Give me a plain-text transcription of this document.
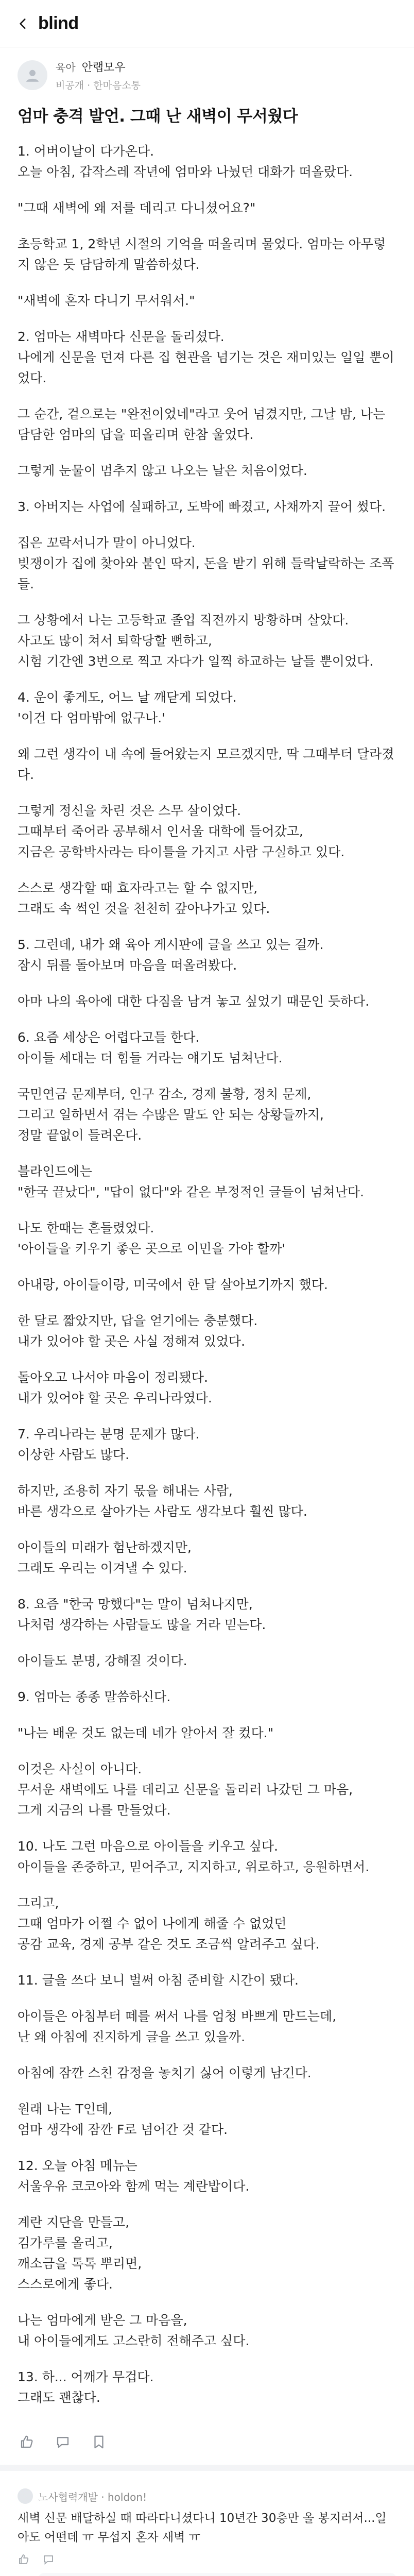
blind
육아 안랩모우
비공개 · 한마음소통
엄마 충격 발언. 그때 난 새벽이 무서웠다

1. 어버이날이 다가온다.
오늘 아침, 갑작스레 작년에 엄마와 나눴던 대화가 떠올랐다.

"그때 새벽에 왜 저를 데리고 다니셨어요?"

초등학교 1, 2학년 시절의 기억을 떠올리며 물었다. 엄마는 아무렇지 않은 듯 담담하게 말씀하셨다.

"새벽에 혼자 다니기 무서워서."

2. 엄마는 새벽마다 신문을 돌리셨다.
나에게 신문을 던져 다른 집 현관을 넘기는 것은 재미있는 일일 뿐이었다.

그 순간, 겉으로는 "완전이었네"라고 웃어 넘겼지만, 그날 밤, 나는 담담한 엄마의 답을 떠올리며 한참 울었다.

그렇게 눈물이 멈추지 않고 나오는 날은 처음이었다.

3. 아버지는 사업에 실패하고, 도박에 빠졌고, 사채까지 끌어 썼다.

집은 꼬락서니가 말이 아니었다.
빚쟁이가 집에 찾아와 붙인 딱지, 돈을 받기 위해 들락날락하는 조폭들.

그 상황에서 나는 고등학교 졸업 직전까지 방황하며 살았다.
사고도 많이 쳐서 퇴학당할 뻔하고,
시험 기간엔 3번으로 찍고 자다가 일찍 하교하는 날들 뿐이었다.

4. 운이 좋게도, 어느 날 깨닫게 되었다.
'이건 다 엄마밖에 없구나.'

왜 그런 생각이 내 속에 들어왔는지 모르겠지만, 딱 그때부터 달라졌다.

그렇게 정신을 차린 것은 스무 살이었다.
그때부터 죽어라 공부해서 인서울 대학에 들어갔고,
지금은 공학박사라는 타이틀을 가지고 사람 구실하고 있다.

스스로 생각할 때 효자라고는 할 수 없지만,
그래도 속 썩인 것을 천천히 갚아나가고 있다.

5. 그런데, 내가 왜 육아 게시판에 글을 쓰고 있는 걸까.
잠시 뒤를 돌아보며 마음을 떠올려봤다.

아마 나의 육아에 대한 다짐을 남겨 놓고 싶었기 때문인 듯하다.

6. 요즘 세상은 어렵다고들 한다.
아이들 세대는 더 힘들 거라는 얘기도 넘쳐난다.

국민연금 문제부터, 인구 감소, 경제 불황, 정치 문제,
그리고 일하면서 겪는 수많은 말도 안 되는 상황들까지,
정말 끝없이 들려온다.

블라인드에는
"한국 끝났다", "답이 없다"와 같은 부정적인 글들이 넘쳐난다.

나도 한때는 흔들렸었다.
'아이들을 키우기 좋은 곳으로 이민을 가야 할까'

아내랑, 아이들이랑, 미국에서 한 달 살아보기까지 했다.

한 달로 짧았지만, 답을 얻기에는 충분했다.
내가 있어야 할 곳은 사실 정해져 있었다.

돌아오고 나서야 마음이 정리됐다.
내가 있어야 할 곳은 우리나라였다.

7. 우리나라는 분명 문제가 많다.
이상한 사람도 많다.

하지만, 조용히 자기 몫을 해내는 사람,
바른 생각으로 살아가는 사람도 생각보다 훨씬 많다.

아이들의 미래가 험난하겠지만,
그래도 우리는 이겨낼 수 있다.

8. 요즘 "한국 망했다"는 말이 넘쳐나지만,
나처럼 생각하는 사람들도 많을 거라 믿는다.

아이들도 분명, 강해질 것이다.

9. 엄마는 종종 말씀하신다.

"나는 배운 것도 없는데 네가 알아서 잘 컸다."

이것은 사실이 아니다.
무서운 새벽에도 나를 데리고 신문을 돌리러 나갔던 그 마음,
그게 지금의 나를 만들었다.

10. 나도 그런 마음으로 아이들을 키우고 싶다.
아이들을 존중하고, 믿어주고, 지지하고, 위로하고, 응원하면서.

그리고,
그때 엄마가 어쩔 수 없어 나에게 해줄 수 없었던
공감 교육, 경제 공부 같은 것도 조금씩 알려주고 싶다.

11. 글을 쓰다 보니 벌써 아침 준비할 시간이 됐다.

아이들은 아침부터 떼를 써서 나를 엄청 바쁘게 만드는데,
난 왜 아침에 진지하게 글을 쓰고 있을까.

아침에 잠깐 스친 감정을 놓치기 싫어 이렇게 남긴다.

원래 나는 T인데,
엄마 생각에 잠깐 F로 넘어간 것 같다.

12. 오늘 아침 메뉴는
서울우유 코코아와 함께 먹는 계란밥이다.

계란 지단을 만들고,
김가루를 올리고,
깨소금을 톡톡 뿌리면,
스스로에게 좋다.

나는 엄마에게 받은 그 마음을,
내 아이들에게도 고스란히 전해주고 싶다.

13. 하... 어깨가 무겁다.
그래도 괜찮다.

노사협력개발 · holdon!
새벽 신문 배달하실 때 따라다니셨다니 10년간 30층만 올 봉지러서...일 아도 어떤데 ㅠ 무섭지 혼자 새벽 ㅠ
